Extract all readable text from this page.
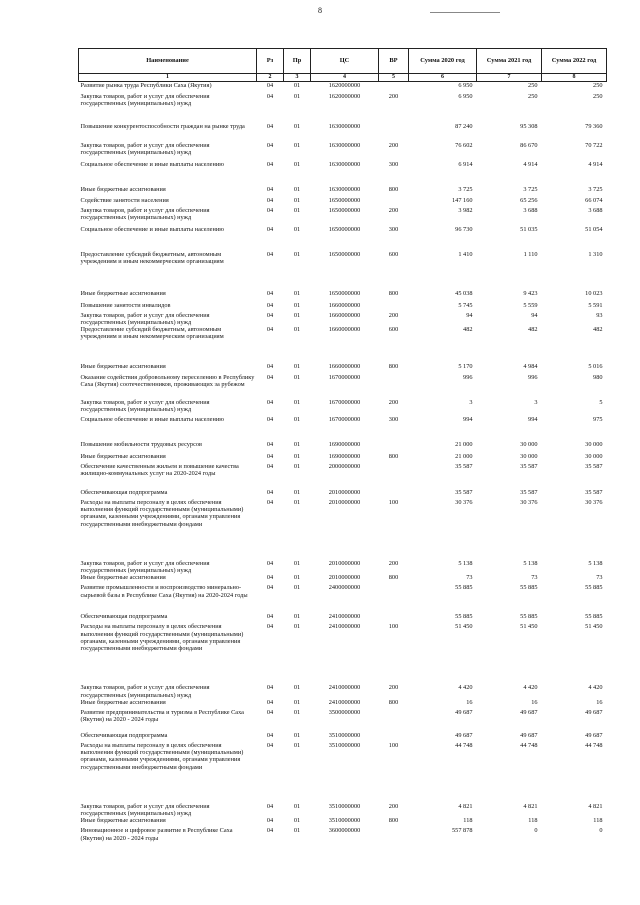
8
Наименование	Рз	Пр	ЦС	ВР	Сумма 2020 год	Сумма 2021 год	Сумма 2022 год
1	2	3	4	5	6	7	8
Развитие рынка труда Республики Саха (Якутия)	04	01	1620000000		6 950	250	250
Закупка товаров, работ и услуг для обеспечения государственных (муниципальных) нужд	04	01	1620000000	200	6 950	250	250
Повышение конкурентоспособности граждан на рынке труда	04	01	1630000000		87 240	95 308	79 360
Закупка товаров, работ и услуг для обеспечения государственных (муниципальных) нужд	04	01	1630000000	200	76 602	86 670	70 722
Социальное обеспечение и иные выплаты населению	04	01	1630000000	300	6 914	4 914	4 914
Иные бюджетные ассигнования	04	01	1630000000	800	3 725	3 725	3 725
Содействие занятости населения	04	01	1650000000		147 160	65 256	66 074
Закупка товаров, работ и услуг для обеспечения государственных (муниципальных) нужд	04	01	1650000000	200	3 982	3 688	3 688
Социальное обеспечение и иные выплаты населению	04	01	1650000000	300	96 730	51 035	51 054
Предоставление субсидий бюджетным, автономным учреждениям и иным некоммерческим организациям	04	01	1650000000	600	1 410	1 110	1 310
Иные бюджетные ассигнования	04	01	1650000000	800	45 038	9 423	10 023
Повышение занятости инвалидов	04	01	1660000000		5 745	5 559	5 591
Закупка товаров, работ и услуг для обеспечения государственных (муниципальных) нужд	04	01	1660000000	200	94	94	93
Предоставление субсидий бюджетным, автономным учреждениям и иным некоммерческим организациям	04	01	1660000000	600	482	482	482
Иные бюджетные ассигнования	04	01	1660000000	800	5 170	4 984	5 016
Оказание содействия добровольному переселению в Республику Саха (Якутия) соотечественников, проживающих за рубежом	04	01	1670000000		996	996	980
Закупка товаров, работ и услуг для обеспечения государственных (муниципальных) нужд	04	01	1670000000	200	3	3	5
Социальное обеспечение и иные выплаты населению	04	01	1670000000	300	994	994	975
Повышение мобильности трудовых ресурсов	04	01	1690000000		21 000	30 000	30 000
Иные бюджетные ассигнования	04	01	1690000000	800	21 000	30 000	30 000
Обеспечение качественным жильем и повышение качества жилищно-коммунальных услуг на 2020-2024 годы	04	01	2000000000		35 587	35 587	35 587
Обеспечивающая подпрограмма	04	01	2010000000		35 587	35 587	35 587
Расходы на выплаты персоналу в целях обеспечения выполнения функций государственными (муниципальными) органами, казенными учреждениями, органами управления государственными внебюджетными фондами	04	01	2010000000	100	30 376	30 376	30 376
Закупка товаров, работ и услуг для обеспечения государственных (муниципальных) нужд	04	01	2010000000	200	5 138	5 138	5 138
Иные бюджетные ассигнования	04	01	2010000000	800	73	73	73
Развитие промышленности и воспроизводство минерально-сырьевой базы в Республике Саха (Якутия) на 2020-2024 годы	04	01	2400000000		55 885	55 885	55 885
Обеспечивающая подпрограмма	04	01	2410000000		55 885	55 885	55 885
Расходы на выплаты персоналу в целях обеспечения выполнения функций государственными (муниципальными) органами, казенными учреждениями, органами управления государственными внебюджетными фондами	04	01	2410000000	100	51 450	51 450	51 450
Закупка товаров, работ и услуг для обеспечения государственных (муниципальных) нужд	04	01	2410000000	200	4 420	4 420	4 420
Иные бюджетные ассигнования	04	01	2410000000	800	16	16	16
Развитие предпринимательства и туризма в Республике Саха (Якутия) на 2020 - 2024 годы	04	01	3500000000		49 687	49 687	49 687
Обеспечивающая подпрограмма	04	01	3510000000		49 687	49 687	49 687
Расходы на выплаты персоналу в целях обеспечения выполнения функций государственными (муниципальными) органами, казенными учреждениями, органами управления государственными внебюджетными фондами	04	01	3510000000	100	44 748	44 748	44 748
Закупка товаров, работ и услуг для обеспечения государственных (муниципальных) нужд	04	01	3510000000	200	4 821	4 821	4 821
Иные бюджетные ассигнования	04	01	3510000000	800	118	118	118
Инновационное и цифровое развитие в Республике Саха (Якутия) на 2020 - 2024 годы	04	01	3600000000		557 878	0	0
